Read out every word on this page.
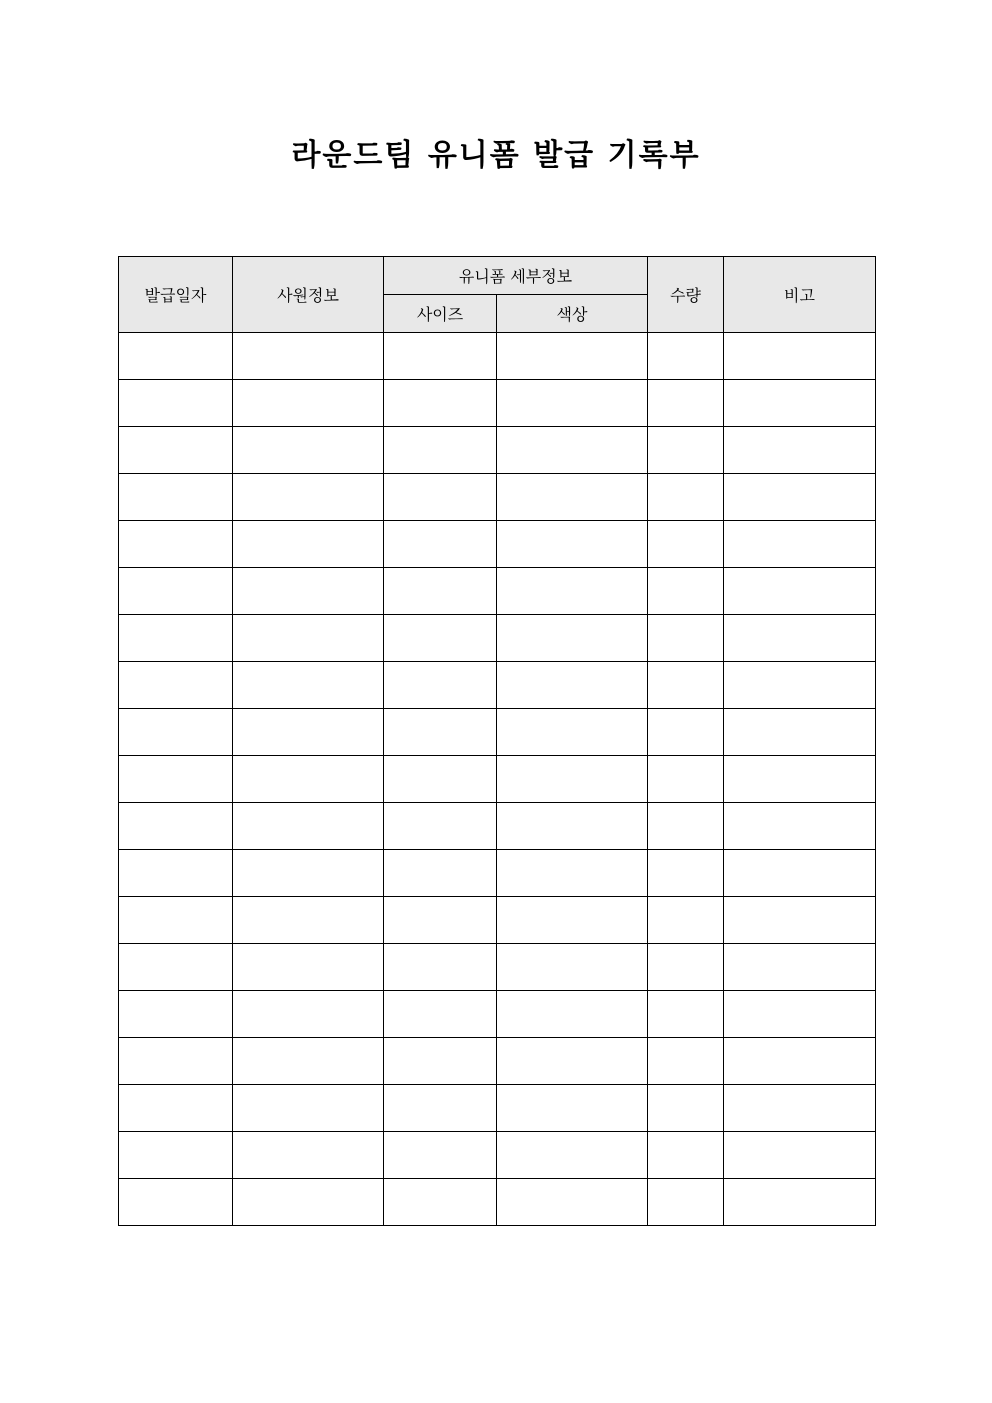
라운드팀 유니폼 발급 기록부
발급일자	사원정보	유니폼 세부정보		수량	비고
		사이즈	색상		
